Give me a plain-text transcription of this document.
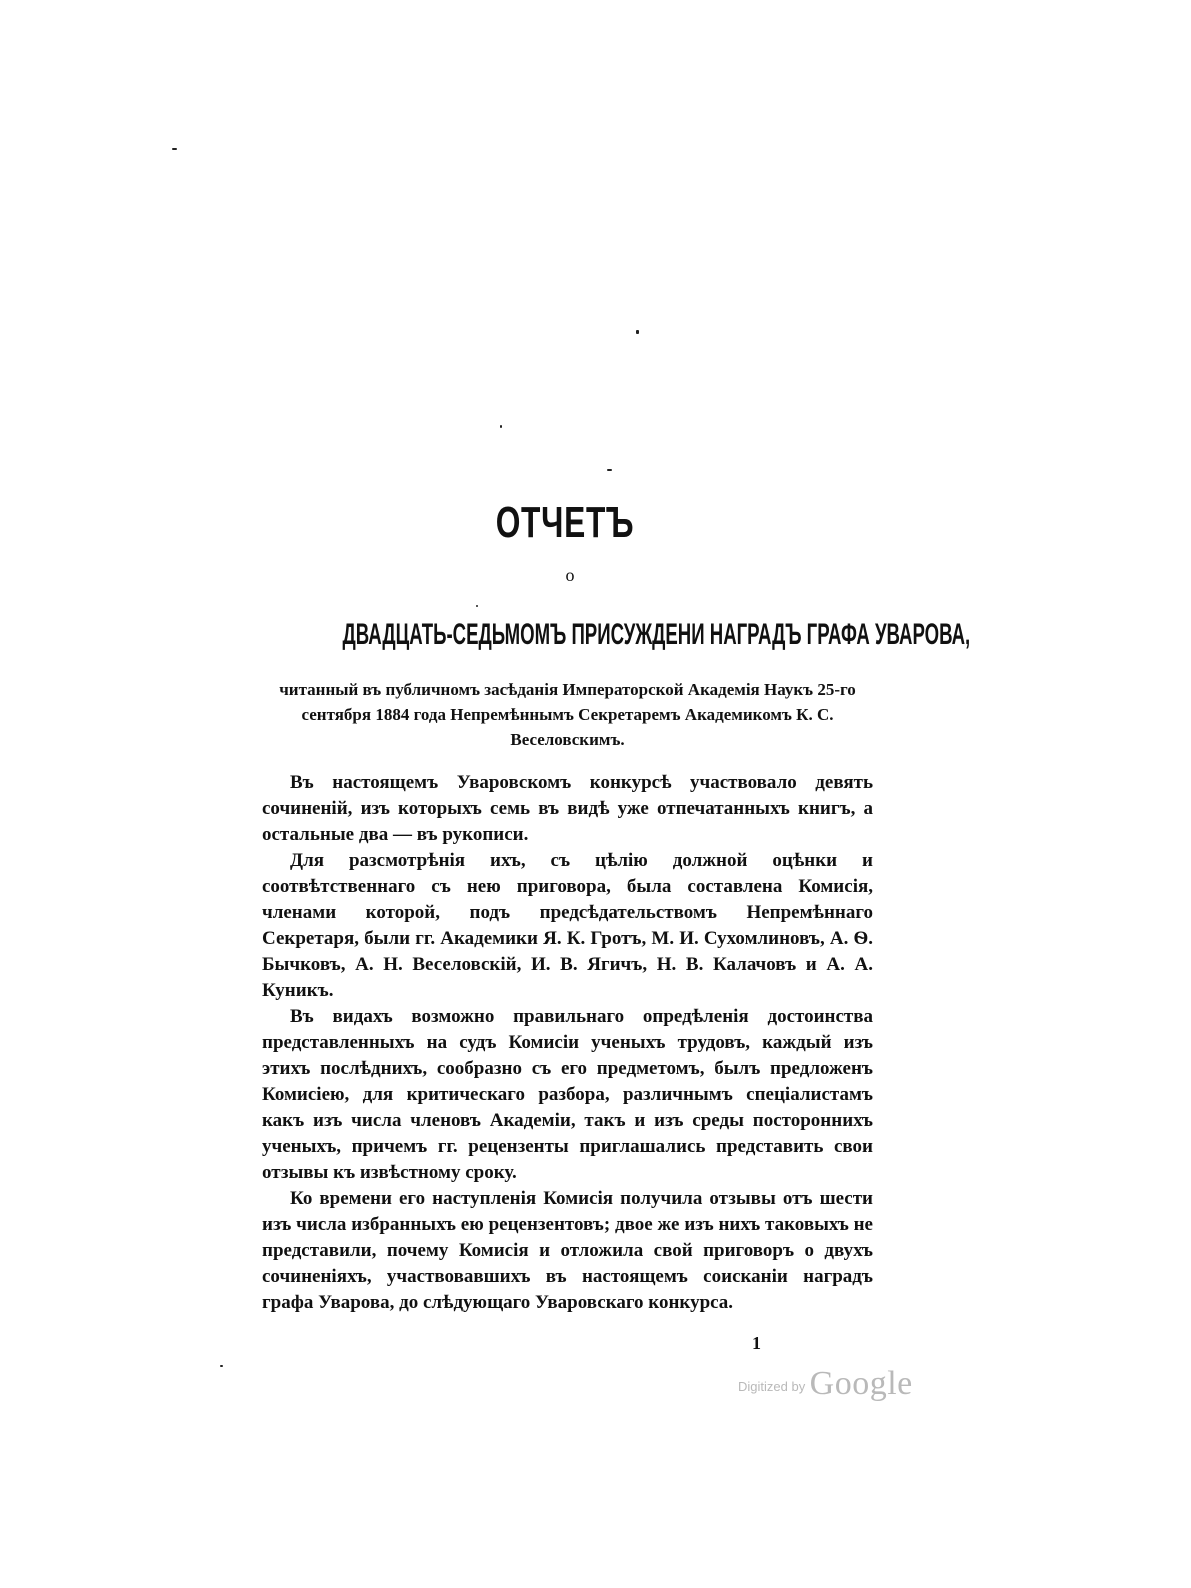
ОТЧЕТЪ
о
ДВАДЦАТЬ-СЕДЬМОМЪ ПРИСУЖДЕНИ НАГРАДЪ ГРАФА УВАРОВА,
читанный въ публичномъ засѣданія Императорской Академія Наукъ 25-го сентября 1884 года Непремѣннымъ Секретаремъ Академикомъ К. С. Веселовскимъ.

Въ настоящемъ Уваровскомъ конкурсѣ участвовало девять сочиненій, изъ которыхъ семь въ видѣ уже отпечатанныхъ книгъ, а остальные два — въ рукописи.

Для разсмотрѣнія ихъ, съ цѣлію должной оцѣнки и соотвѣтственнаго съ нею приговора, была составлена Комисія, членами которой, подъ предсѣдательствомъ Непремѣннаго Секретаря, были гг. Академики Я. К. Гротъ, М. И. Сухомлиновъ, А. Ѳ. Бычковъ, А. Н. Веселовскій, И. В. Ягичъ, Н. В. Калачовъ и А. А. Куникъ.

Въ видахъ возможно правильнаго опредѣленія достоинства представленныхъ на судъ Комисіи ученыхъ трудовъ, каждый изъ этихъ послѣднихъ, сообразно съ его предметомъ, былъ предложенъ Комисіею, для критическаго разбора, различнымъ спеціалистамъ какъ изъ числа членовъ Академіи, такъ и изъ среды постороннихъ ученыхъ, причемъ гг. рецензенты приглашались представить свои отзывы къ извѣстному сроку.

Ко времени его наступленія Комисія получила отзывы отъ шести изъ числа избранныхъ ею рецензентовъ; двое же изъ нихъ таковыхъ не представили, почему Комисія и отложила свой приговоръ о двухъ сочиненіяхъ, участвовавшихъ въ настоящемъ соисканіи наградъ графа Уварова, до слѣдующаго Уваровскаго конкурса.

1
Digitized by Google
